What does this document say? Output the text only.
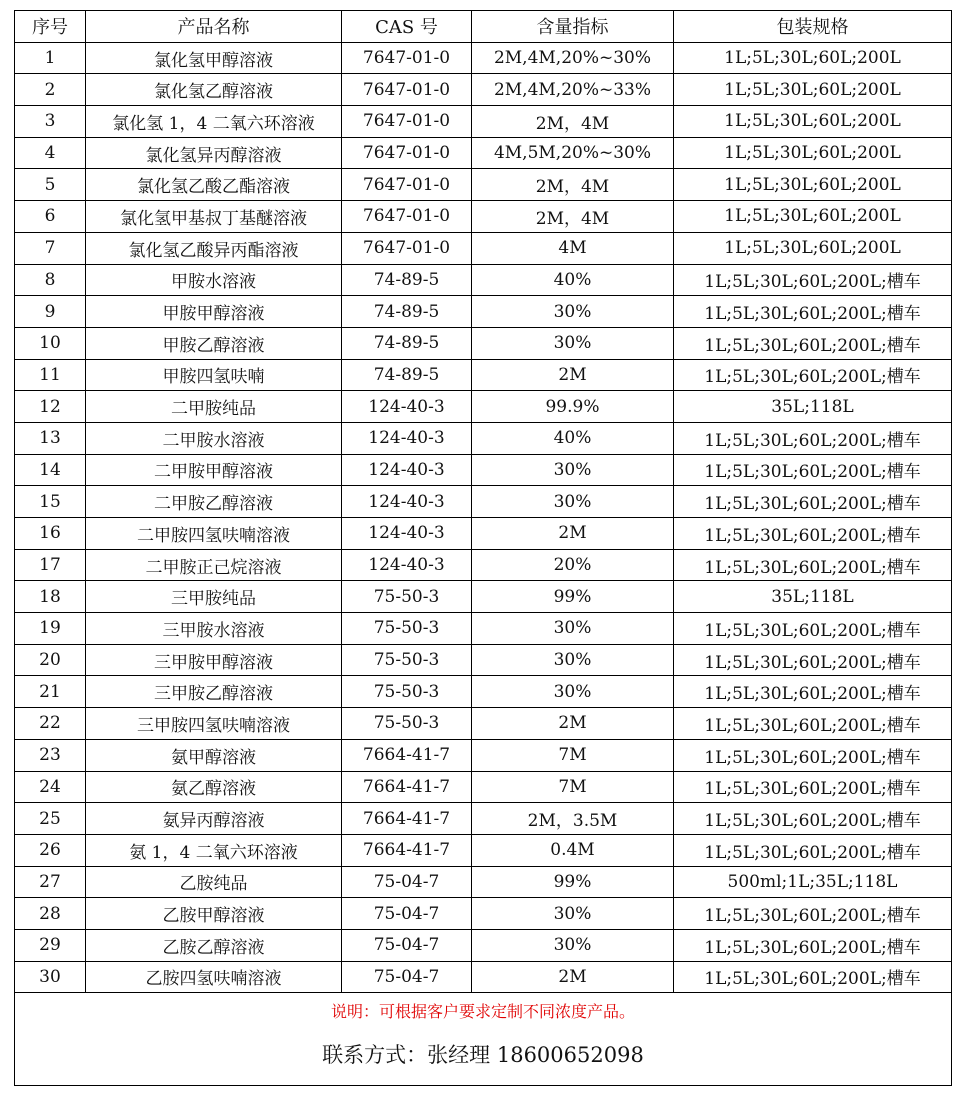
序号	产品名称	CAS 号	含量指标	包装规格
1	氯化氢甲醇溶液	7647-01-0	2M,4M,20%~30%	1L;5L;30L;60L;200L
2	氯化氢乙醇溶液	7647-01-0	2M,4M,20%~33%	1L;5L;30L;60L;200L
3	氯化氢 1，4 二氧六环溶液	7647-01-0	2M，4M	1L;5L;30L;60L;200L
4	氯化氢异丙醇溶液	7647-01-0	4M,5M,20%~30%	1L;5L;30L;60L;200L
5	氯化氢乙酸乙酯溶液	7647-01-0	2M，4M	1L;5L;30L;60L;200L
6	氯化氢甲基叔丁基醚溶液	7647-01-0	2M，4M	1L;5L;30L;60L;200L
7	氯化氢乙酸异丙酯溶液	7647-01-0	4M	1L;5L;30L;60L;200L
8	甲胺水溶液	74-89-5	40%	1L;5L;30L;60L;200L;槽车
9	甲胺甲醇溶液	74-89-5	30%	1L;5L;30L;60L;200L;槽车
10	甲胺乙醇溶液	74-89-5	30%	1L;5L;30L;60L;200L;槽车
11	甲胺四氢呋喃	74-89-5	2M	1L;5L;30L;60L;200L;槽车
12	二甲胺纯品	124-40-3	99.9%	35L;118L
13	二甲胺水溶液	124-40-3	40%	1L;5L;30L;60L;200L;槽车
14	二甲胺甲醇溶液	124-40-3	30%	1L;5L;30L;60L;200L;槽车
15	二甲胺乙醇溶液	124-40-3	30%	1L;5L;30L;60L;200L;槽车
16	二甲胺四氢呋喃溶液	124-40-3	2M	1L;5L;30L;60L;200L;槽车
17	二甲胺正己烷溶液	124-40-3	20%	1L;5L;30L;60L;200L;槽车
18	三甲胺纯品	75-50-3	99%	35L;118L
19	三甲胺水溶液	75-50-3	30%	1L;5L;30L;60L;200L;槽车
20	三甲胺甲醇溶液	75-50-3	30%	1L;5L;30L;60L;200L;槽车
21	三甲胺乙醇溶液	75-50-3	30%	1L;5L;30L;60L;200L;槽车
22	三甲胺四氢呋喃溶液	75-50-3	2M	1L;5L;30L;60L;200L;槽车
23	氨甲醇溶液	7664-41-7	7M	1L;5L;30L;60L;200L;槽车
24	氨乙醇溶液	7664-41-7	7M	1L;5L;30L;60L;200L;槽车
25	氨异丙醇溶液	7664-41-7	2M，3.5M	1L;5L;30L;60L;200L;槽车
26	氨 1，4 二氧六环溶液	7664-41-7	0.4M	1L;5L;30L;60L;200L;槽车
27	乙胺纯品	75-04-7	99%	500ml;1L;35L;118L
28	乙胺甲醇溶液	75-04-7	30%	1L;5L;30L;60L;200L;槽车
29	乙胺乙醇溶液	75-04-7	30%	1L;5L;30L;60L;200L;槽车
30	乙胺四氢呋喃溶液	75-04-7	2M	1L;5L;30L;60L;200L;槽车

说明：可根据客户要求定制不同浓度产品。
联系方式：张经理 18600652098				
